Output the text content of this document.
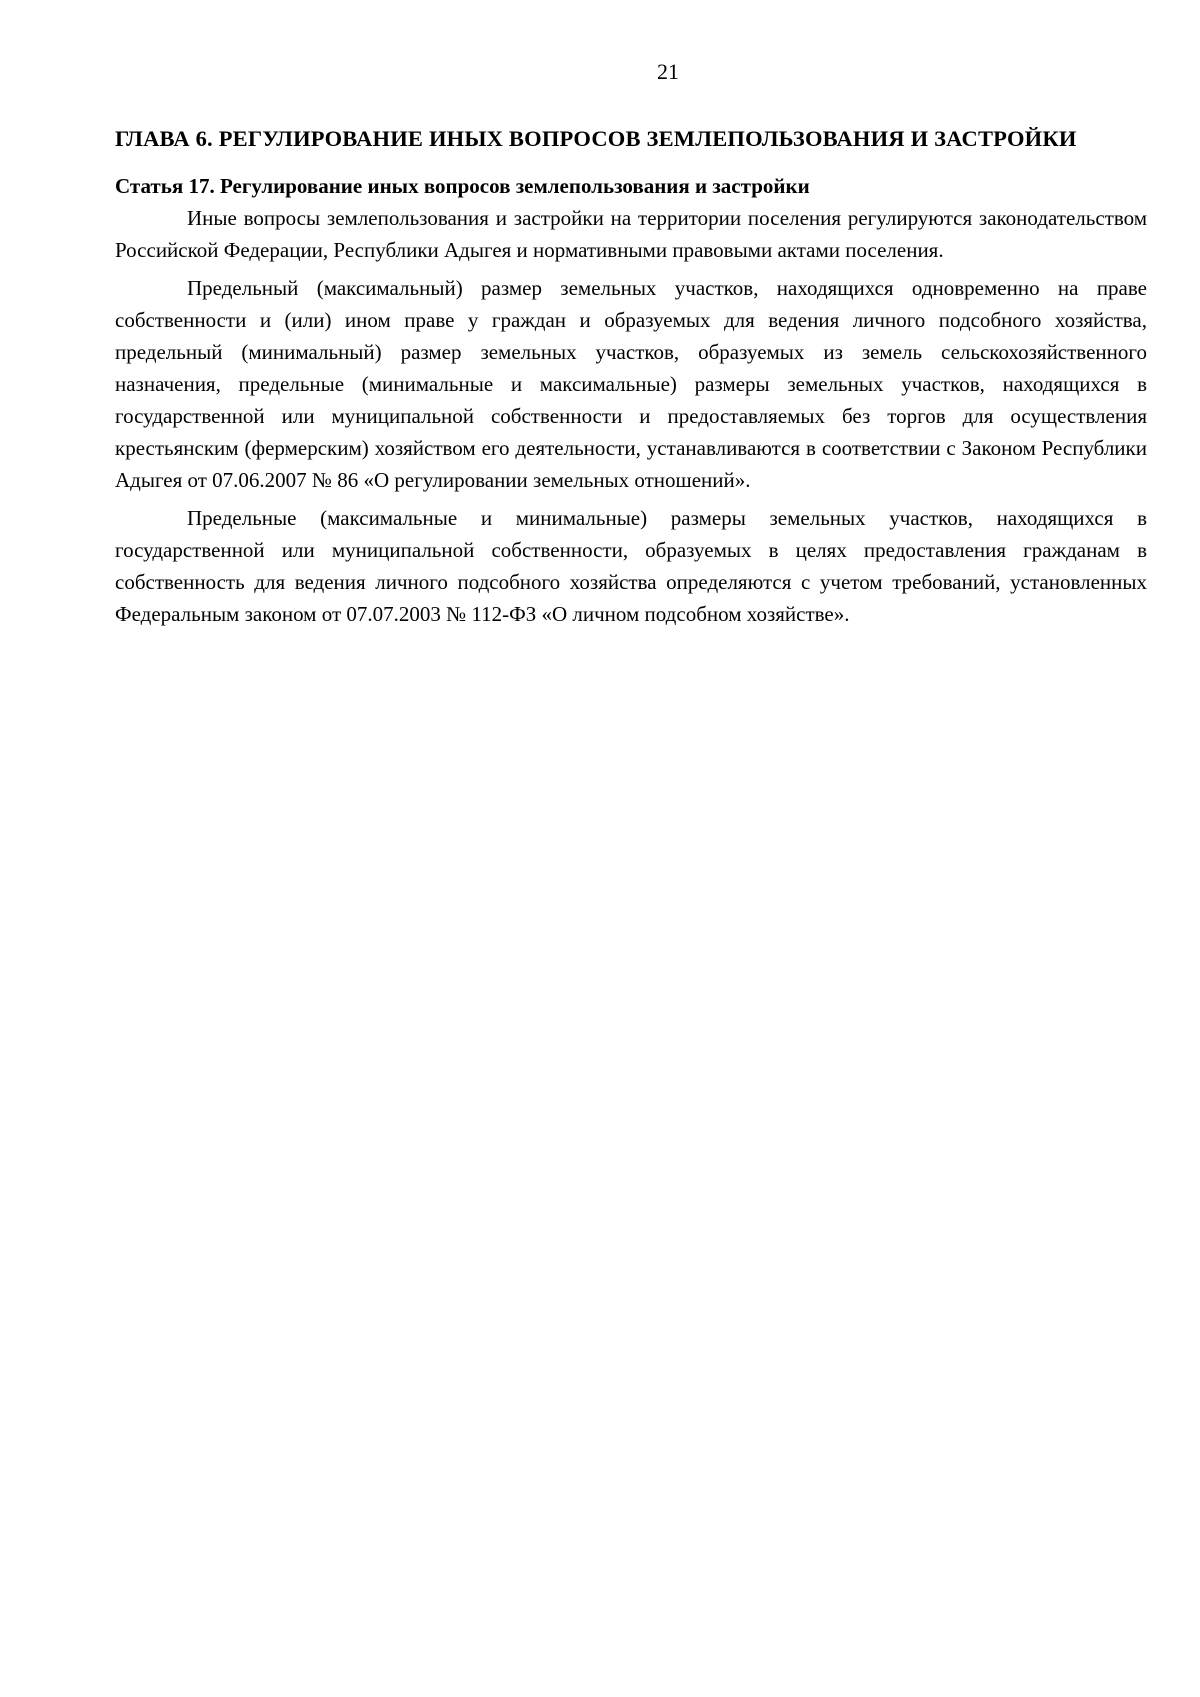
21
ГЛАВА 6. РЕГУЛИРОВАНИЕ ИНЫХ ВОПРОСОВ ЗЕМЛЕПОЛЬЗОВАНИЯ И ЗАСТРОЙКИ
Статья 17. Регулирование иных вопросов землепользования и застройки

Иные вопросы землепользования и застройки на территории поселения регулируются законодательством Российской Федерации, Республики Адыгея и нормативными правовыми актами поселения.

Предельный (максимальный) размер земельных участков, находящихся одновременно на праве собственности и (или) ином праве у граждан и образуемых для ведения личного подсобного хозяйства, предельный (минимальный) размер земельных участков, образуемых из земель сельскохозяйственного назначения, предельные (минимальные и максимальные) размеры земельных участков, находящихся в государственной или муниципальной собственности и предоставляемых без торгов для осуществления крестьянским (фермерским) хозяйством его деятельности, устанавливаются в соответствии с Законом Республики Адыгея от 07.06.2007 № 86 «О регулировании земельных отношений».

Предельные (максимальные и минимальные) размеры земельных участков, находящихся в государственной или муниципальной собственности, образуемых в целях предоставления гражданам в собственность для ведения личного подсобного хозяйства определяются с учетом требований, установленных Федеральным законом от 07.07.2003 № 112-ФЗ «О личном подсобном хозяйстве».
